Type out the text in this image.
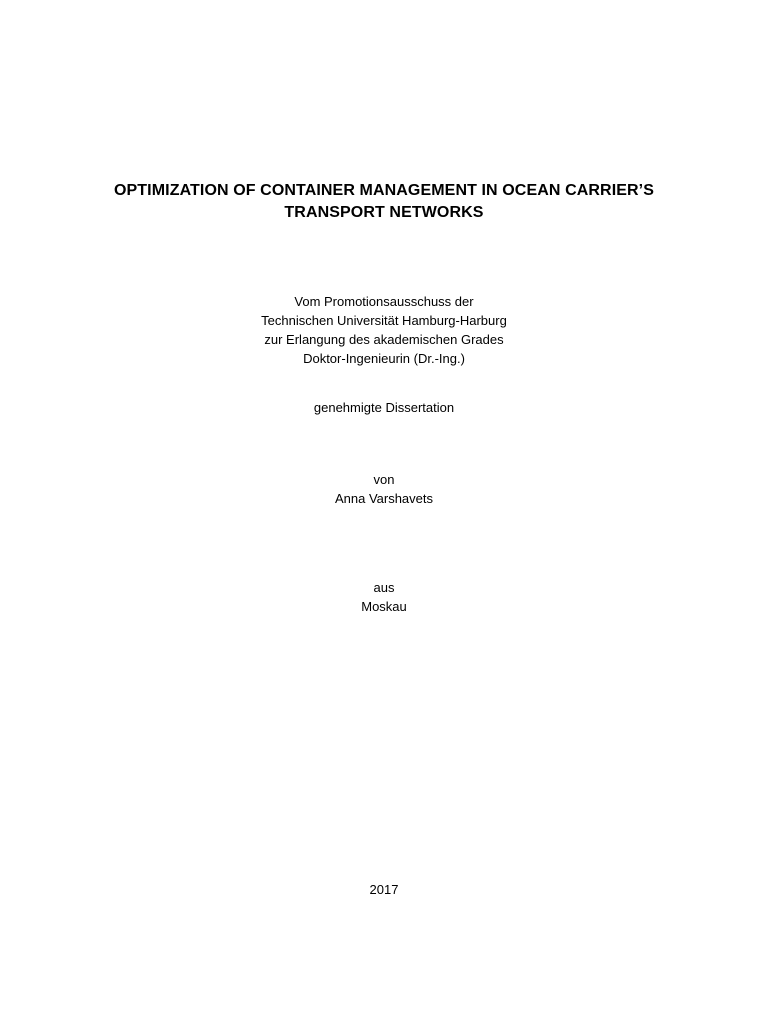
OPTIMIZATION OF CONTAINER MANAGEMENT IN OCEAN CARRIER’S
TRANSPORT NETWORKS
Vom Promotionsausschuss der
Technischen Universität Hamburg-Harburg
zur Erlangung des akademischen Grades
Doktor-Ingenieurin (Dr.-Ing.)
genehmigte Dissertation
von
Anna Varshavets
aus
Moskau
2017
